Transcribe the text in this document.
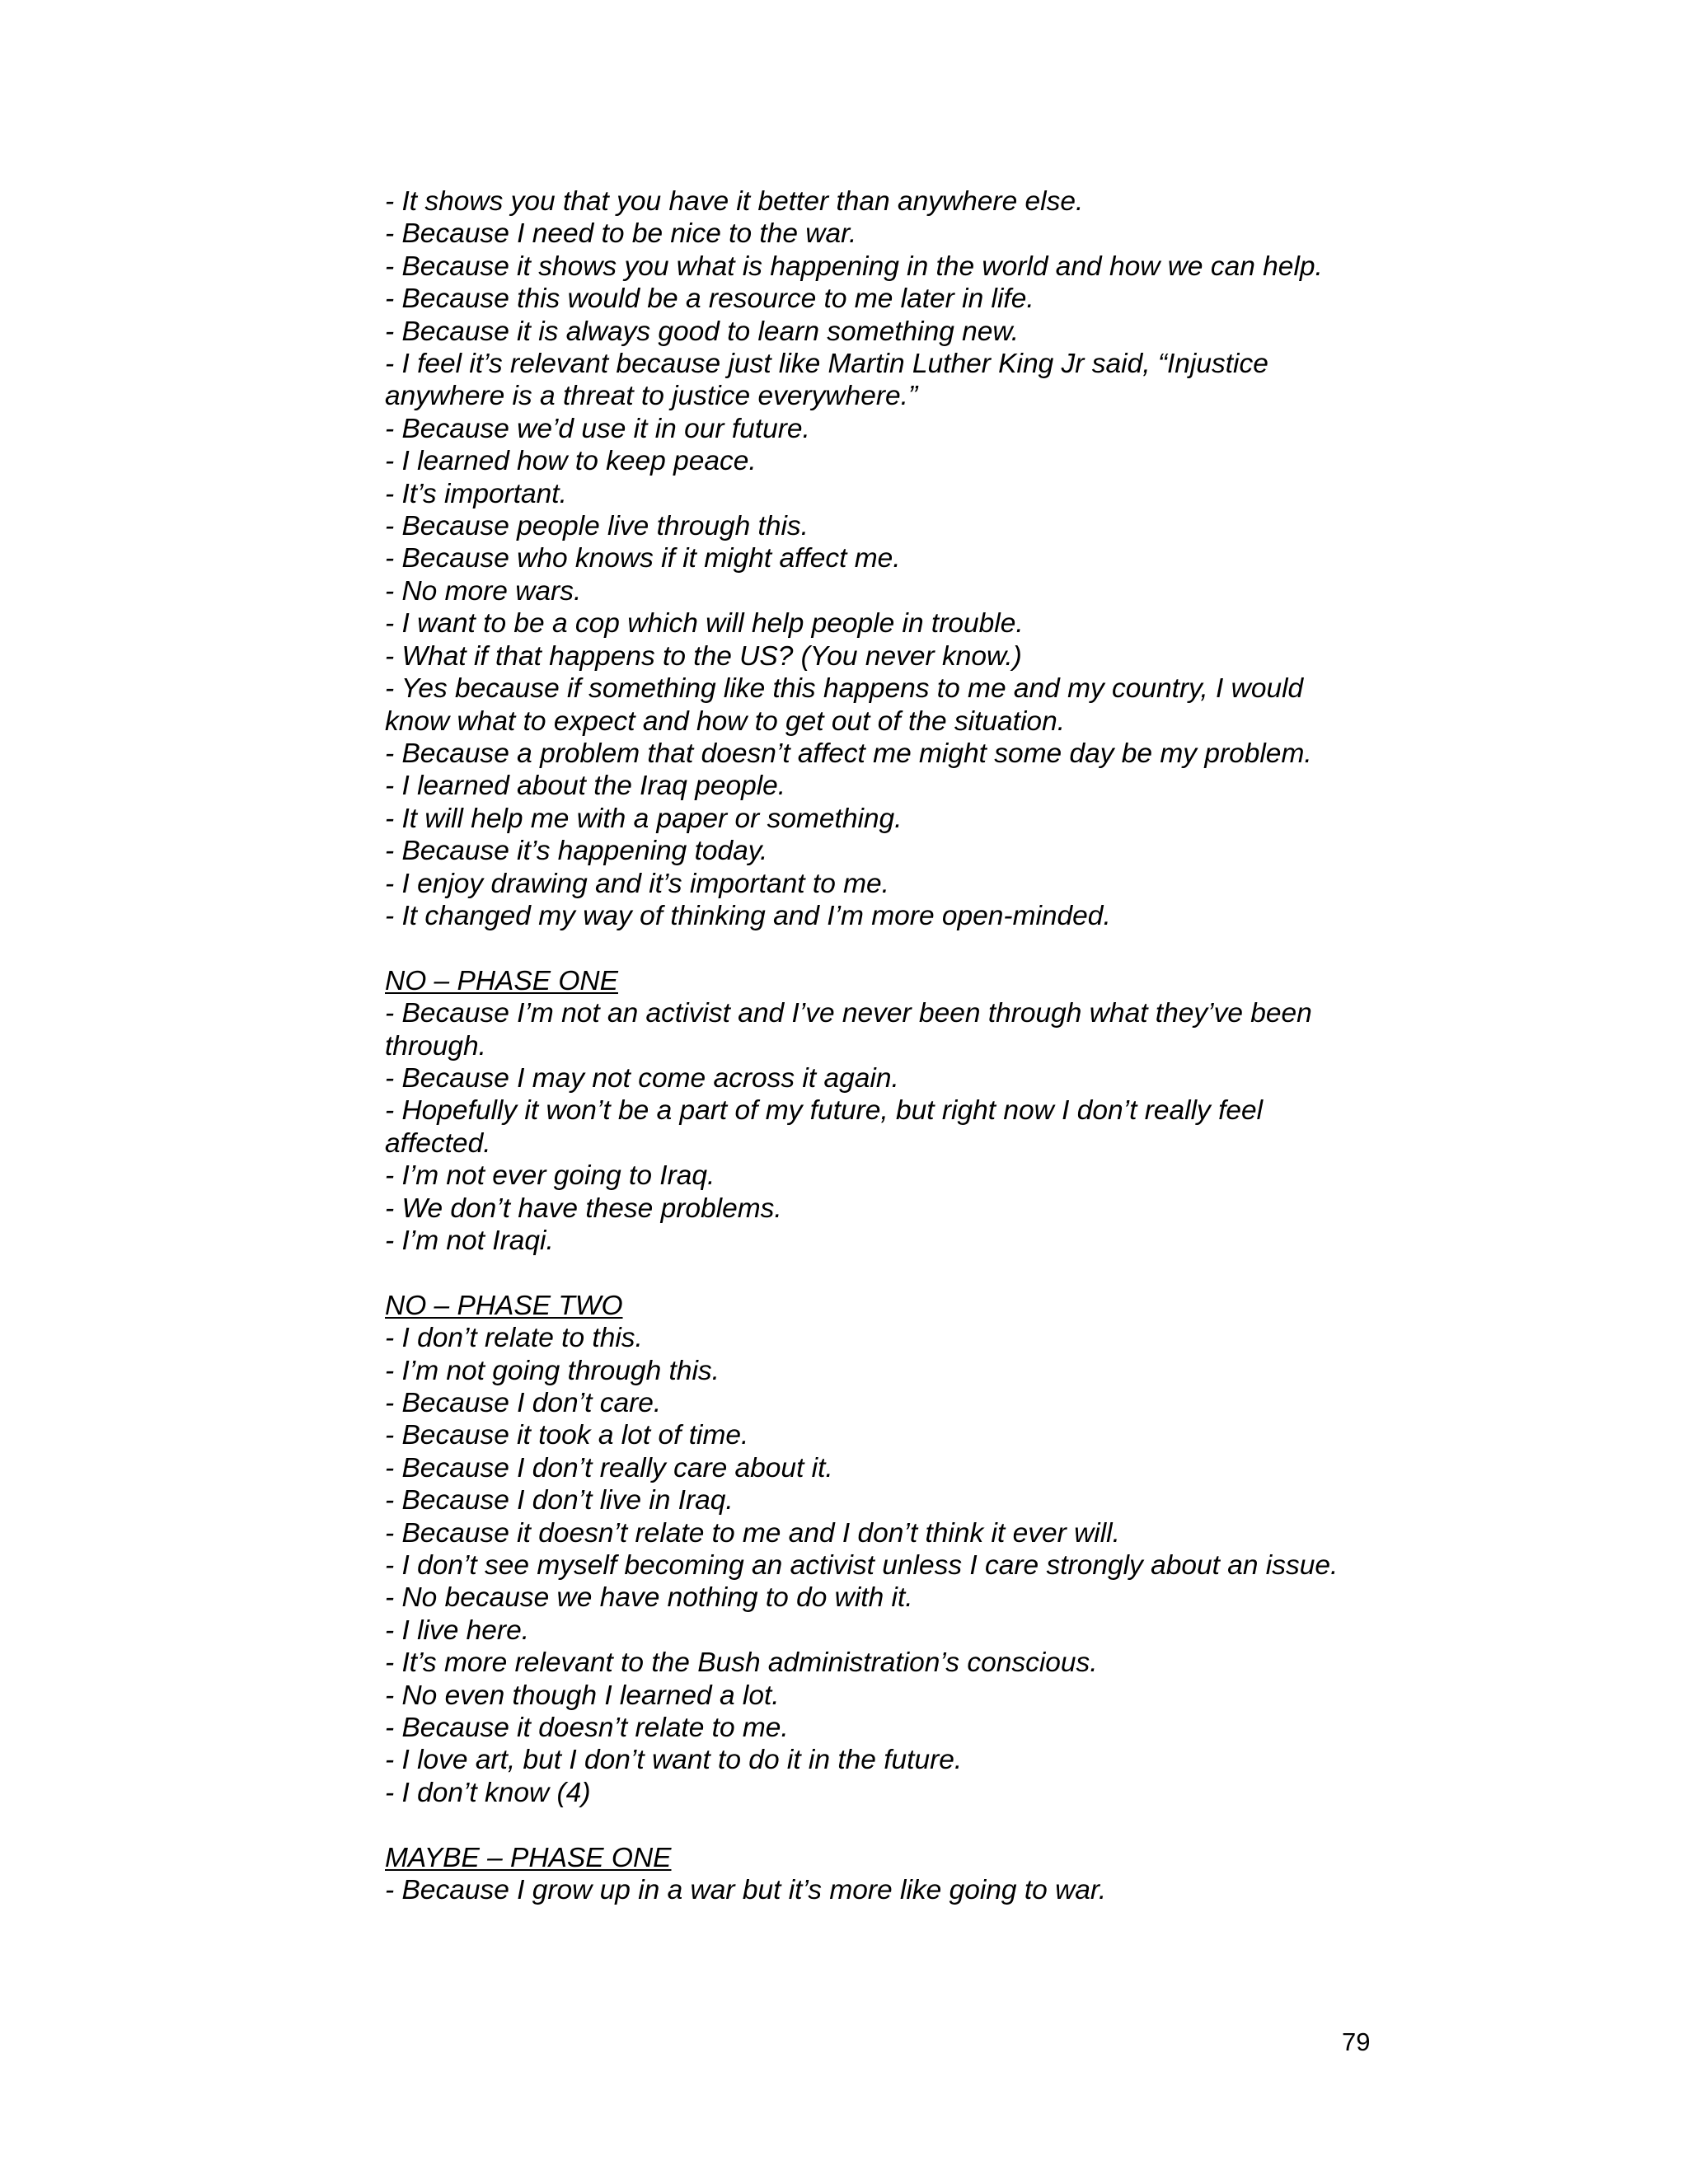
- It shows you that you have it better than anywhere else.

- Because I need to be nice to the war.

- Because it shows you what is happening in the world and how we can help.

- Because this would be a resource to me later in life.

- Because it is always good to learn something new.

- I feel it’s relevant because just like Martin Luther King Jr said, “Injustice

anywhere is a threat to justice everywhere.”

- Because we’d use it in our future.

- I learned how to keep peace.

- It’s important.

- Because people live through this.

- Because who knows if it might affect me.

- No more wars.

- I want to be a cop which will help people in trouble.

- What if that happens to the US? (You never know.)

- Yes because if something like this happens to me and my country, I would

know what to expect and how to get out of the situation.

- Because a problem that doesn’t affect me might some day be my problem.

- I learned about the Iraq people.

- It will help me with a paper or something.

- Because it’s happening today.

- I enjoy drawing and it’s important to me.

- It changed my way of thinking and I’m more open-minded.

NO – PHASE ONE

- Because I’m not an activist and I’ve never been through what they’ve been

through.

- Because I may not come across it again.

- Hopefully it won’t be a part of my future, but right now I don’t really feel

affected.

- I’m not ever going to Iraq.

- We don’t have these problems.

- I’m not Iraqi.

NO – PHASE TWO

- I don’t relate to this.

- I’m not going through this.

- Because I don’t care.

- Because it took a lot of time.

- Because I don’t really care about it.

- Because I don’t live in Iraq.

- Because it doesn’t relate to me and I don’t think it ever will.

- I don’t see myself becoming an activist unless I care strongly about an issue.

- No because we have nothing to do with it.

- I live here.

- It’s more relevant to the Bush administration’s conscious.

- No even though I learned a lot.

- Because it doesn’t relate to me.

- I love art, but I don’t want to do it in the future.

- I don’t know (4)

MAYBE – PHASE ONE

- Because I grow up in a war but it’s more like going to war.

79
